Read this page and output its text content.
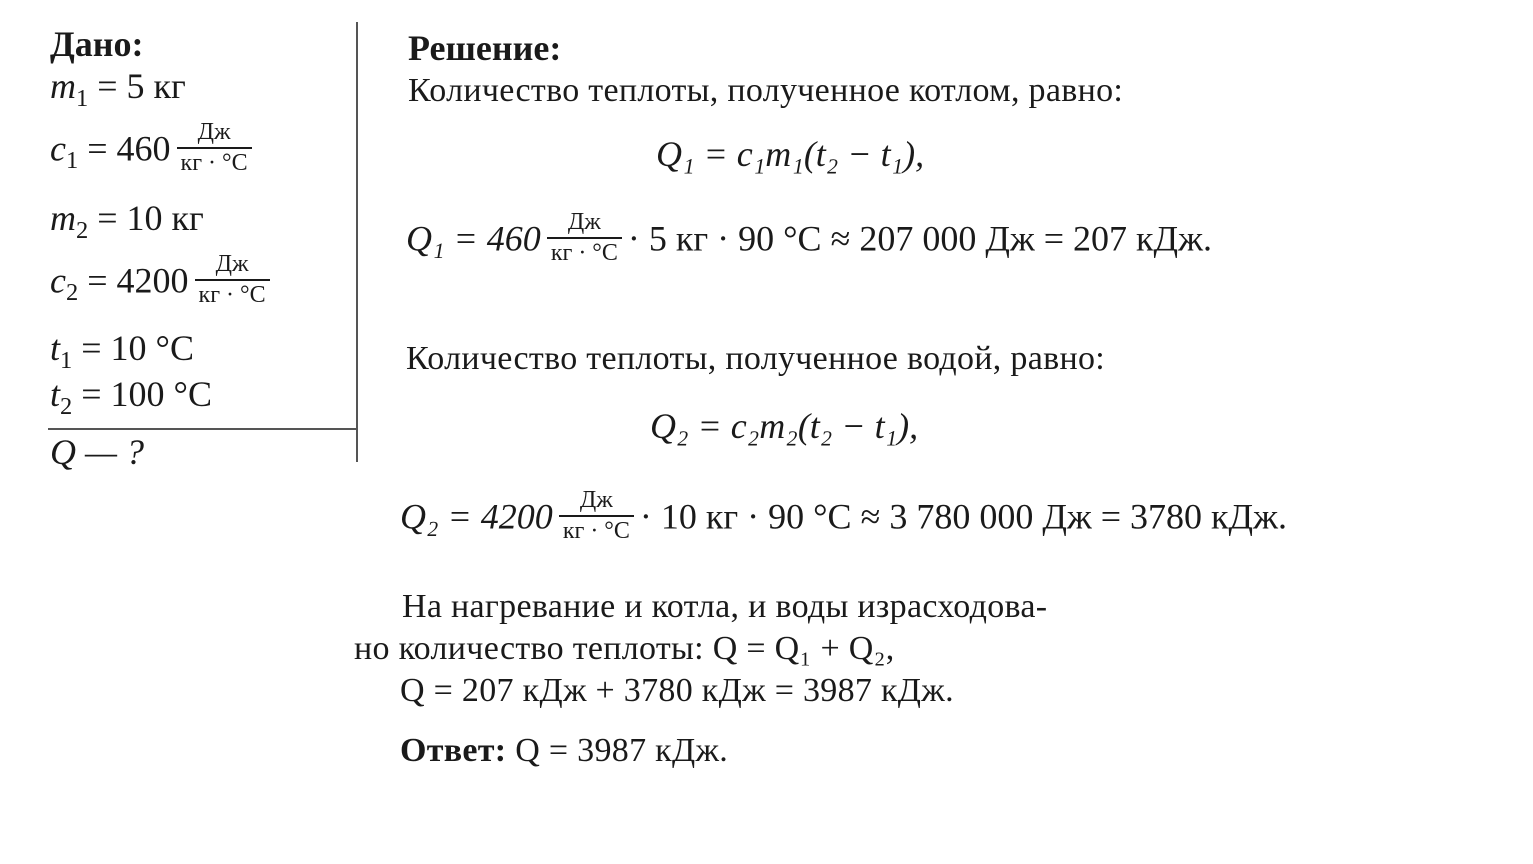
Дано:
$m_1 = 5$ кг
$c_1 = 460 \frac{Дж}{кг \cdot ^\circ C}$
$m_2 = 10$ кг
$c_2 = 4200 \frac{Дж}{кг \cdot ^\circ C}$
$t_1 = 10$ °C
$t_2 = 100$ °C
Q — ?
Решение:
Количество теплоты, полученное котлом, равно:
Q₁ = c₁m₁(t₂ − t₁),
$Q_1 = 460 \frac{Дж}{кг \cdot ^\circ C} \cdot 5$ кг · 90 °C ≈ 207 000 Дж = 207 кДж.
Количество теплоты, полученное водой, равно:
Q₂ = c₂m₂(t₂ − t₁),
$Q_2 = 4200 \frac{Дж}{кг \cdot ^\circ C} \cdot 10$ кг · 90 °C ≈ 3 780 000 Дж = 3780 кДж.
На нагревание и котла, и воды израсходова-
но количество теплоты: Q = Q₁ + Q₂,
Q = 207 кДж + 3780 кДж = 3987 кДж.
Ответ: Q = 3987 кДж.
